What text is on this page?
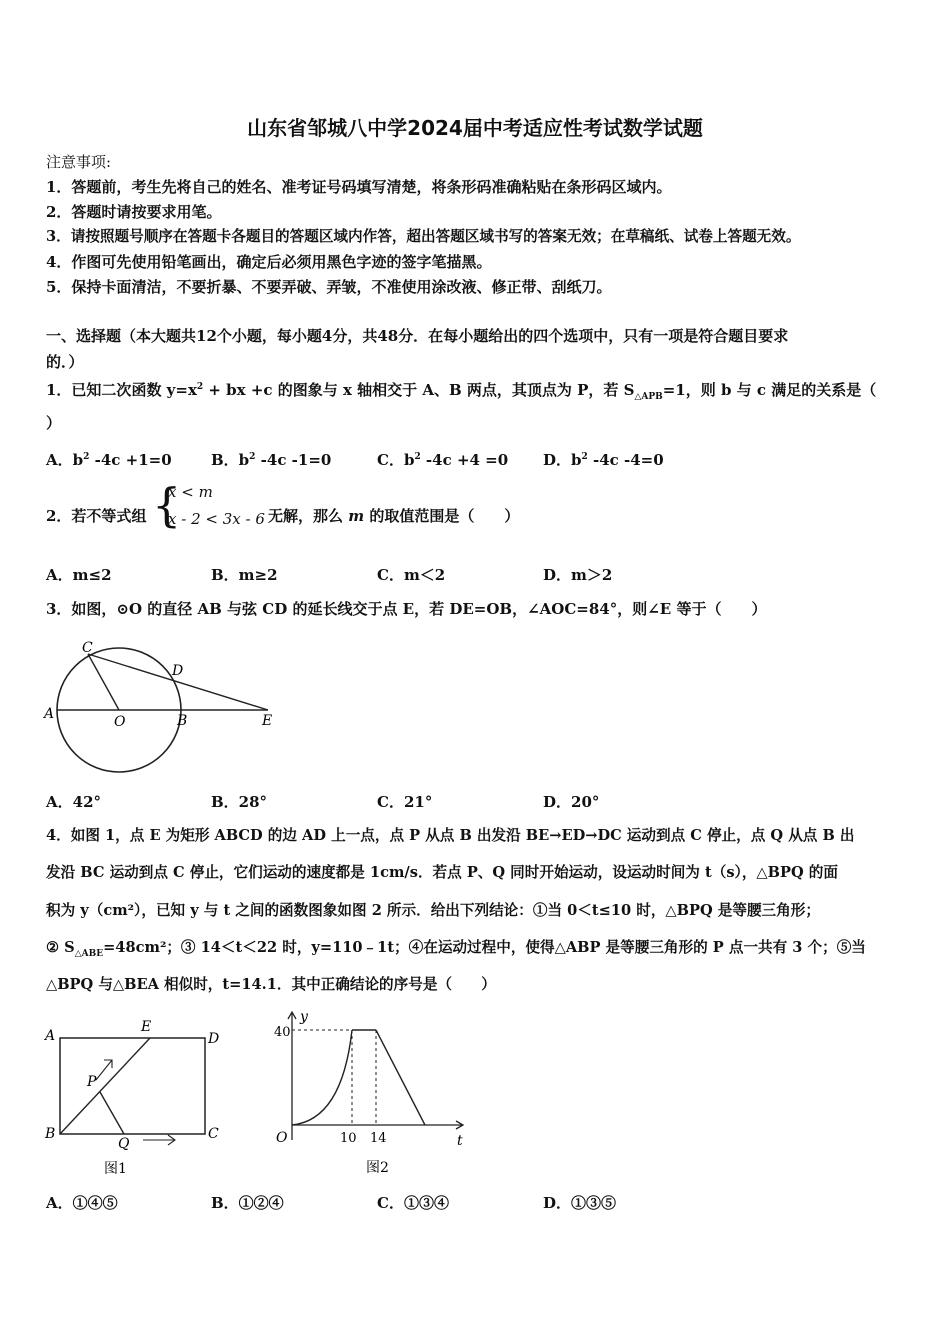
山东省邹城八中学2024届中考适应性考试数学试题
注意事项:
1．答题前，考生先将自己的姓名、准考证号码填写清楚，将条形码准确粘贴在条形码区域内。
2．答题时请按要求用笔。
3．请按照题号顺序在答题卡各题目的答题区域内作答，超出答题区域书写的答案无效；在草稿纸、试卷上答题无效。
4．作图可先使用铅笔画出，确定后必须用黑色字迹的签字笔描黑。
5．保持卡面清洁，不要折暴、不要弄破、弄皱，不准使用涂改液、修正带、刮纸刀。
一、选择题（本大题共12个小题，每小题4分，共48分．在每小题给出的四个选项中，只有一项是符合题目要求
的．）
1．已知二次函数 $y=x^2$ + bx +c 的图象与 x 轴相交于 A、B 两点，其顶点为 P，若 $S_{\triangle APB}=1$，则 b 与 c 满足的关系是（
）
A．$b^2$ -4c +1=0	B．$b^2$ -4c -1=0	C．$b^2$ -4c +4 =0 D．$b^2$ -4c -4=0
2．若不等式组 {
x < m
x - 2 < 3x - 6 无解，那么 m 的取值范围是（　　）
A．m≤2	B．m≥2	C．m＜2	D．m＞2
3．如图，⊙O 的直径 AB 与弦 CD 的延长线交于点 E，若 DE=OB，∠AOC=84°，则∠E 等于（　　）
A	O	B	E
C
D
A．42°	B．28°	C．21°	D．20°
4．如图 1，点 E 为矩形 ABCD 的边 AD 上一点，点 P 从点 B 出发沿 BE→ED→DC 运动到点 C 停止，点 Q 从点 B 出
发沿 BC 运动到点 C 停止，它们运动的速度都是 1cm/s．若点 P、Q 同时开始运动，设运动时间为 t（s），△BPQ 的面
积为 y（cm²），已知 y 与 t 之间的函数图象如图 2 所示．给出下列结论：①当 0＜t≤10 时，△BPQ 是等腰三角形；
② $S_{\triangle ABE}=48cm^2$；③ 14＜t＜22 时，y=110﹣1t；④在运动过程中，使得△ABP 是等腰三角形的 P 点一共有 3 个；⑤当
△BPQ 与△BEA 相似时，t=14.1．其中正确结论的序号是（　　）
A
E
D
B	C
P
Q
图1
y
40
O	10 14	t
图2
A．①④⑤	B．①②④	C．①③④	D．①③⑤
